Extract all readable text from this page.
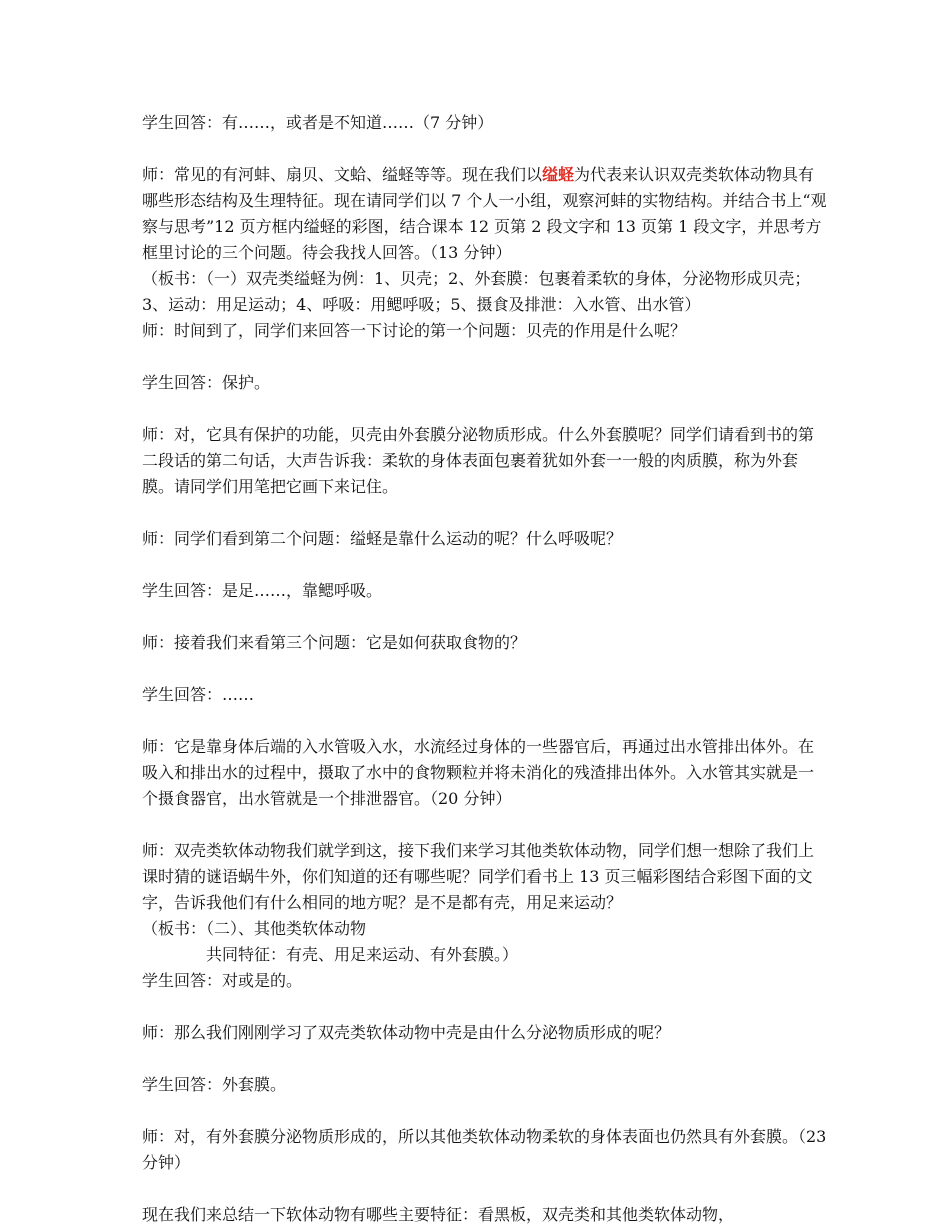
学生回答：有……，或者是不知道……（7 分钟）

师：常见的有河蚌、扇贝、文蛤、缢蛏等等。现在我们以缢蛏为代表来认识双壳类软体动物具有哪些形态结构及生理特征。现在请同学们以 7 个人一小组，观察河蚌的实物结构。并结合书上“观察与思考”12 页方框内缢蛏的彩图，结合课本 12 页第 2 段文字和 13 页第 1 段文字，并思考方框里讨论的三个问题。待会我找人回答。（13 分钟）

（板书：（一）双壳类缢蛏为例：1、贝壳；2、外套膜：包裹着柔软的身体，分泌物形成贝壳；3、运动：用足运动；4、呼吸：用鳃呼吸；5、摄食及排泄：入水管、出水管）

师：时间到了，同学们来回答一下讨论的第一个问题：贝壳的作用是什么呢？

学生回答：保护。

师：对，它具有保护的功能，贝壳由外套膜分泌物质形成。什么外套膜呢？同学们请看到书的第二段话的第二句话，大声告诉我：柔软的身体表面包裹着犹如外套一一般的肉质膜，称为外套膜。请同学们用笔把它画下来记住。

师：同学们看到第二个问题：缢蛏是靠什么运动的呢？什么呼吸呢？

学生回答：是足……，靠鳃呼吸。

师：接着我们来看第三个问题：它是如何获取食物的？

学生回答：……

师：它是靠身体后端的入水管吸入水，水流经过身体的一些器官后，再通过出水管排出体外。在吸入和排出水的过程中，摄取了水中的食物颗粒并将未消化的残渣排出体外。入水管其实就是一个摄食器官，出水管就是一个排泄器官。（20 分钟）

师：双壳类软体动物我们就学到这，接下我们来学习其他类软体动物，同学们想一想除了我们上课时猜的谜语蜗牛外，你们知道的还有哪些呢？同学们看书上 13 页三幅彩图结合彩图下面的文字，告诉我他们有什么相同的地方呢？是不是都有壳，用足来运动？

（板书：（二）、其他类软体动物

共同特征：有壳、用足来运动、有外套膜。）

学生回答：对或是的。

师：那么我们刚刚学习了双壳类软体动物中壳是由什么分泌物质形成的呢？

学生回答：外套膜。

师：对，有外套膜分泌物质形成的，所以其他类软体动物柔软的身体表面也仍然具有外套膜。（23 分钟）

现在我们来总结一下软体动物有哪些主要特征：看黑板，双壳类和其他类软体动物，
